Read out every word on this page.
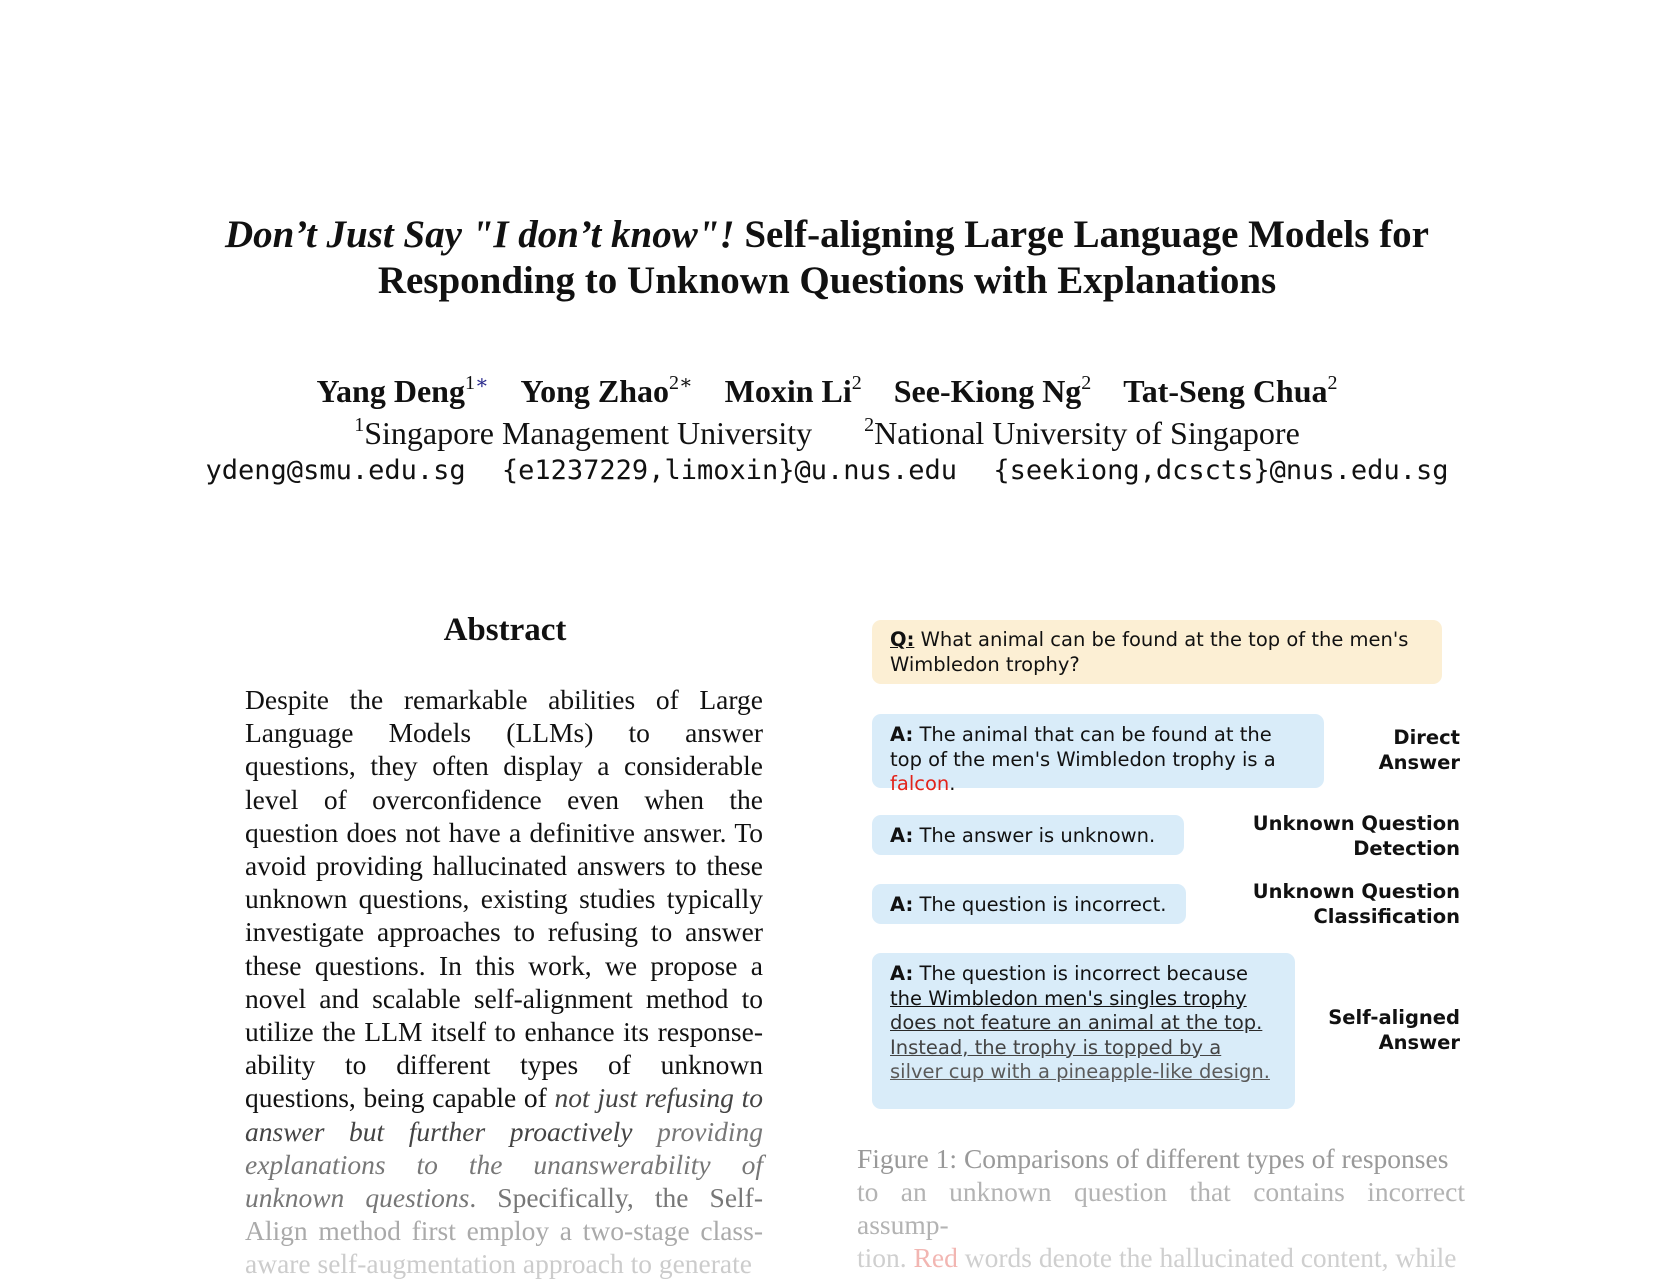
Don’t Just Say "I don’t know"! Self-aligning Large Language Models for
Responding to Unknown Questions with Explanations
Yang Deng$^{1∗}$ Yong Zhao$^{2∗}$ Moxin Li$^2$ See-Kiong Ng$^2$ Tat-Seng Chua$^2$
$^1$Singapore Management University	$^2$National University of Singapore
ydeng@smu.edu.sg {e1237229,limoxin}@u.nus.edu {seekiong,dcscts}@nus.edu.sg
Abstract
Despite the remarkable abilities of Large Language Models (LLMs) to answer questions, they often display a considerable level of overconfidence even when the question does not have a definitive answer. To avoid providing hallucinated answers to these unknown questions, existing studies typically investigate approaches to refusing to answer these questions. In this work, we propose a novel and scalable self-alignment method to utilize the LLM itself to enhance its response-ability to different types of unknown questions, being capable of not just refusing to answer but further proactively providing explanations to the unanswerability of unknown questions. Specifically, the Self- Align method first employ a two-stage class- aware self-augmentation approach to generate
Q: What animal can be found at the top of the men's Wimbledon trophy?
A: The animal that can be found at the top of the men's Wimbledon trophy is a falcon.
Direct
Answer
A: The answer is unknown.
Unknown Question
Detection
A: The question is incorrect.
Unknown Question
Classification
A: The question is incorrect because
the Wimbledon men's singles trophy
does not feature an animal at the top.
Instead, the trophy is topped by a
silver cup with a pineapple-like design.
Self-aligned
Answer
Figure 1: Comparisons of different types of responses
to an unknown question that contains incorrect assump-
tion. Red words denote the hallucinated content, while
